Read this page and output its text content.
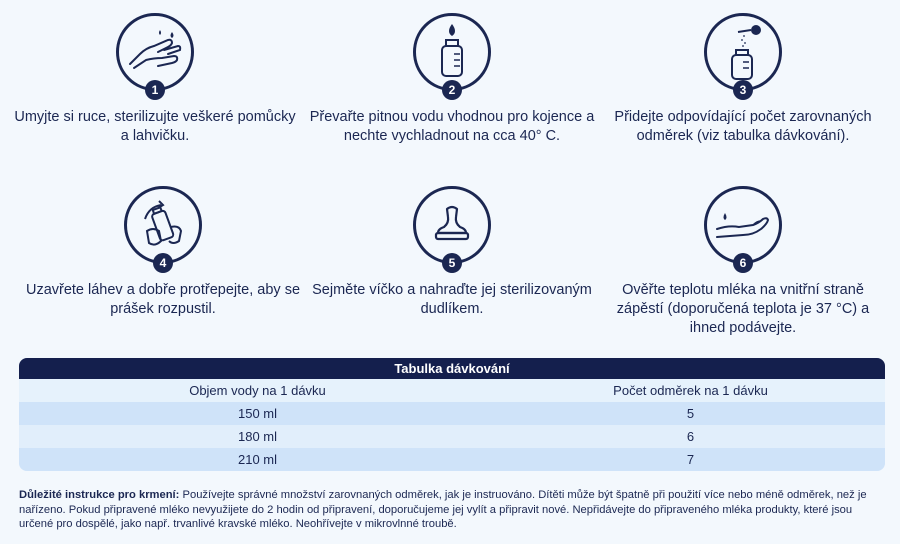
1
Umyjte si ruce, sterilizujte veškeré pomůcky a lahvičku.
2
Převařte pitnou vodu vhodnou pro kojence a nechte vychladnout na cca 40° C.
3
Přidejte odpovídající počet zarovnaných odměrek (viz tabulka dávkování).
4
Uzavřete láhev a dobře protřepejte, aby se prášek rozpustil.
5
Sejměte víčko a nahraďte jej sterilizovaným dudlíkem.
6
Ověřte teplotu mléka na vnitřní straně zápěstí (doporučená teplota je 37 °C) a ihned podávejte.
Tabulka dávkování
Objem vody na 1 dávku	Počet odměrek na 1 dávku
150 ml	5
180 ml	6
210 ml	7
Důležité instrukce pro krmení: Používejte správné množství zarovnaných odměrek, jak je instruováno. Dítěti může být špatně při použití více nebo méně odměrek, než je nařízeno. Pokud připravené mléko nevyužijete do 2 hodin od připravení, doporučujeme jej vylít a připravit nové. Nepřidávejte do připraveného mléka produkty, které jsou určené pro dospělé, jako např. trvanlivé kravské mléko. Neohřívejte v mikrovlnné troubě.
